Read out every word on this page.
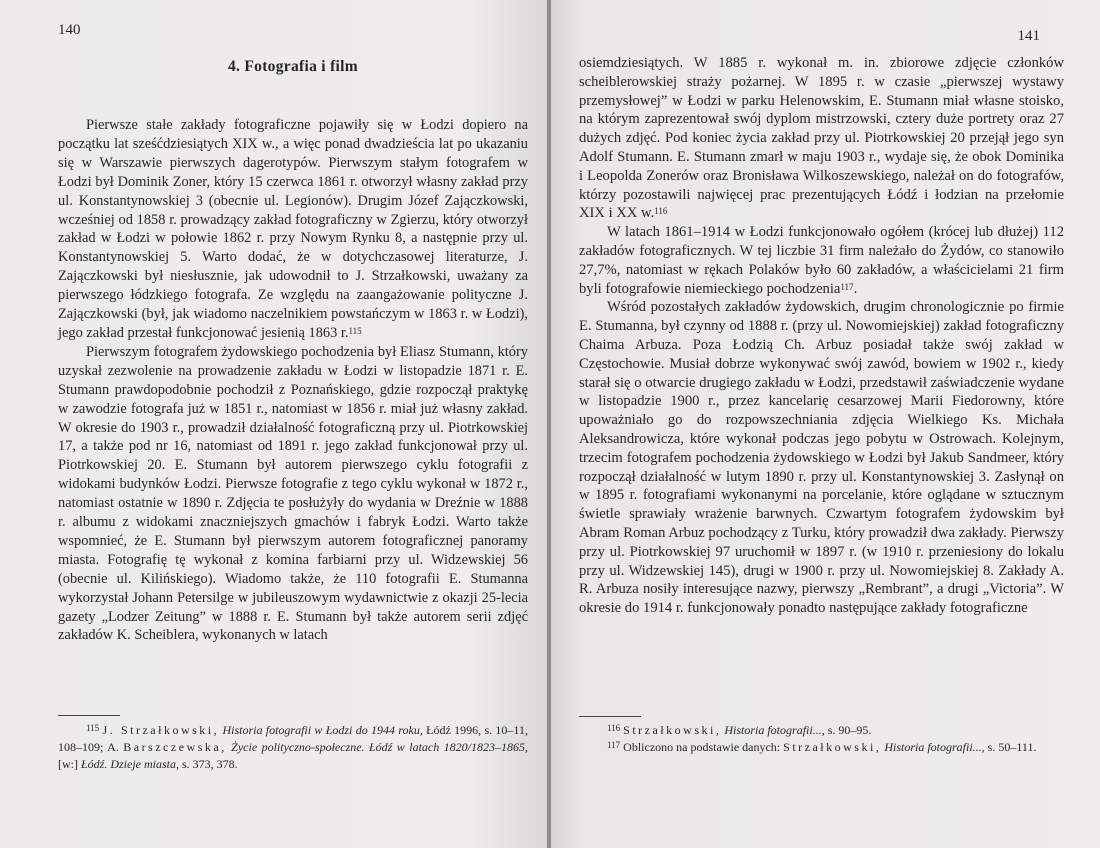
140
4. Fotografia i film

Pierwsze stałe zakłady fotograficzne pojawiły się w Łodzi dopiero na początku lat sześćdziesiątych XIX w., a więc ponad dwadzieścia lat po ukazaniu się w Warszawie pierwszych dagerotypów. Pierwszym stałym fotografem w Łodzi był Dominik Zoner, który 15 czerwca 1861 r. otworzył własny zakład przy ul. Konstantynowskiej 3 (obecnie ul. Legionów). Drugim Józef Zajączkowski, wcześniej od 1858 r. prowadzący zakład fotograficzny w Zgierzu, który otworzył zakład w Łodzi w połowie 1862 r. przy Nowym Rynku 8, a następnie przy ul. Konstantynowskiej 5. Warto dodać, że w dotychczasowej literaturze, J. Zajączkowski był niesłusznie, jak udowodnił to J. Strzałkowski, uważany za pierwszego łódzkiego fotografa. Ze względu na zaangażowanie polityczne J. Zajączkowski (był, jak wiadomo naczelnikiem powstańczym w 1863 r. w Łodzi), jego zakład przestał funkcjonować jesienią 1863 r.$^{115}$

Pierwszym fotografem żydowskiego pochodzenia był Eliasz Stumann, który uzyskał zezwolenie na prowadzenie zakładu w Łodzi w listopadzie 1871 r. E. Stumann prawdopodobnie pochodził z Poznańskiego, gdzie rozpoczął praktykę w zawodzie fotografa już w 1851 r., natomiast w 1856 r. miał już własny zakład. W okresie do 1903 r., prowadził działalność fotograficzną przy ul. Piotrkowskiej 17, a także pod nr 16, natomiast od 1891 r. jego zakład funkcjonował przy ul. Piotrkowskiej 20. E. Stumann był autorem pierwszego cyklu fotografii z widokami budynków Łodzi. Pierwsze fotografie z tego cyklu wykonał w 1872 r., natomiast ostatnie w 1890 r. Zdjęcia te posłużyły do wydania w Dreźnie w 1888 r. albumu z widokami znaczniejszych gmachów i fabryk Łodzi. Warto także wspomnieć, że E. Stumann był pierwszym autorem fotograficznej panoramy miasta. Fotografię tę wykonał z komina farbiarni przy ul. Widzewskiej 56 (obecnie ul. Kilińskiego). Wiadomo także, że 110 fotografii E. Stumanna wykorzystał Johann Petersilge w jubileuszowym wydawnictwie z okazji 25-lecia gazety „Lodzer Zeitung” w 1888 r. E. Stumann był także autorem serii zdjęć zakładów K. Scheiblera, wykonanych w latach

$^{115}$ J. Strzałkowski, Historia fotografii w Łodzi do 1944 roku, Łódź 1996, s. 10–11, 108–109; A. Barszczewska, Życie polityczno-społeczne. Łódź w latach 1820/1823–1865, [w:] Łódź. Dzieje miasta, s. 373, 378.

141

osiemdziesiątych. W 1885 r. wykonał m. in. zbiorowe zdjęcie członków scheiblerowskiej straży pożarnej. W 1895 r. w czasie „pierwszej wystawy przemysłowej” w Łodzi w parku Helenowskim, E. Stumann miał własne stoisko, na którym zaprezentował swój dyplom mistrzowski, cztery duże portrety oraz 27 dużych zdjęć. Pod koniec życia zakład przy ul. Piotrkowskiej 20 przejął jego syn Adolf Stumann. E. Stumann zmarł w maju 1903 r., wydaje się, że obok Dominika i Leopolda Zonerów oraz Bronisława Wilkoszewskiego, należał on do fotografów, którzy pozostawili najwięcej prac prezentujących Łódź i łodzian na przełomie XIX i XX w.$^{116}$

W latach 1861–1914 w Łodzi funkcjonowało ogółem (krócej lub dłużej) 112 zakładów fotograficznych. W tej liczbie 31 firm należało do Żydów, co stanowiło 27,7%, natomiast w rękach Polaków było 60 zakładów, a właścicielami 21 firm byli fotografowie niemieckiego pochodzenia$^{117}$.

Wśród pozostałych zakładów żydowskich, drugim chronologicznie po firmie E. Stumanna, był czynny od 1888 r. (przy ul. Nowomiejskiej) zakład fotograficzny Chaima Arbuza. Poza Łodzią Ch. Arbuz posiadał także swój zakład w Częstochowie. Musiał dobrze wykonywać swój zawód, bowiem w 1902 r., kiedy starał się o otwarcie drugiego zakładu w Łodzi, przedstawił zaświadczenie wydane w listopadzie 1900 r., przez kancelarię cesarzowej Marii Fiedorowny, które upoważniało go do rozpowszechniania zdjęcia Wielkiego Ks. Michała Aleksandrowicza, które wykonał podczas jego pobytu w Ostrowach. Kolejnym, trzecim fotografem pochodzenia żydowskiego w Łodzi był Jakub Sandmeer, który rozpoczął działalność w lutym 1890 r. przy ul. Konstantynowskiej 3. Zasłynął on w 1895 r. fotografiami wykonanymi na porcelanie, które oglądane w sztucznym świetle sprawiały wrażenie barwnych. Czwartym fotografem żydowskim był Abram Roman Arbuz pochodzący z Turku, który prowadził dwa zakłady. Pierwszy przy ul. Piotrkowskiej 97 uruchomił w 1897 r. (w 1910 r. przeniesiony do lokalu przy ul. Widzewskiej 145), drugi w 1900 r. przy ul. Nowomiejskiej 8. Zakłady A. R. Arbuza nosiły interesujące nazwy, pierwszy „Rembrant”, a drugi „Victoria”. W okresie do 1914 r. funkcjonowały ponadto następujące zakłady fotograficzne

$^{116}$ Strzałkowski, Historia fotografii..., s. 90–95.

$^{117}$ Obliczono na podstawie danych: Strzałkowski, Historia fotografii..., s. 50–111.
